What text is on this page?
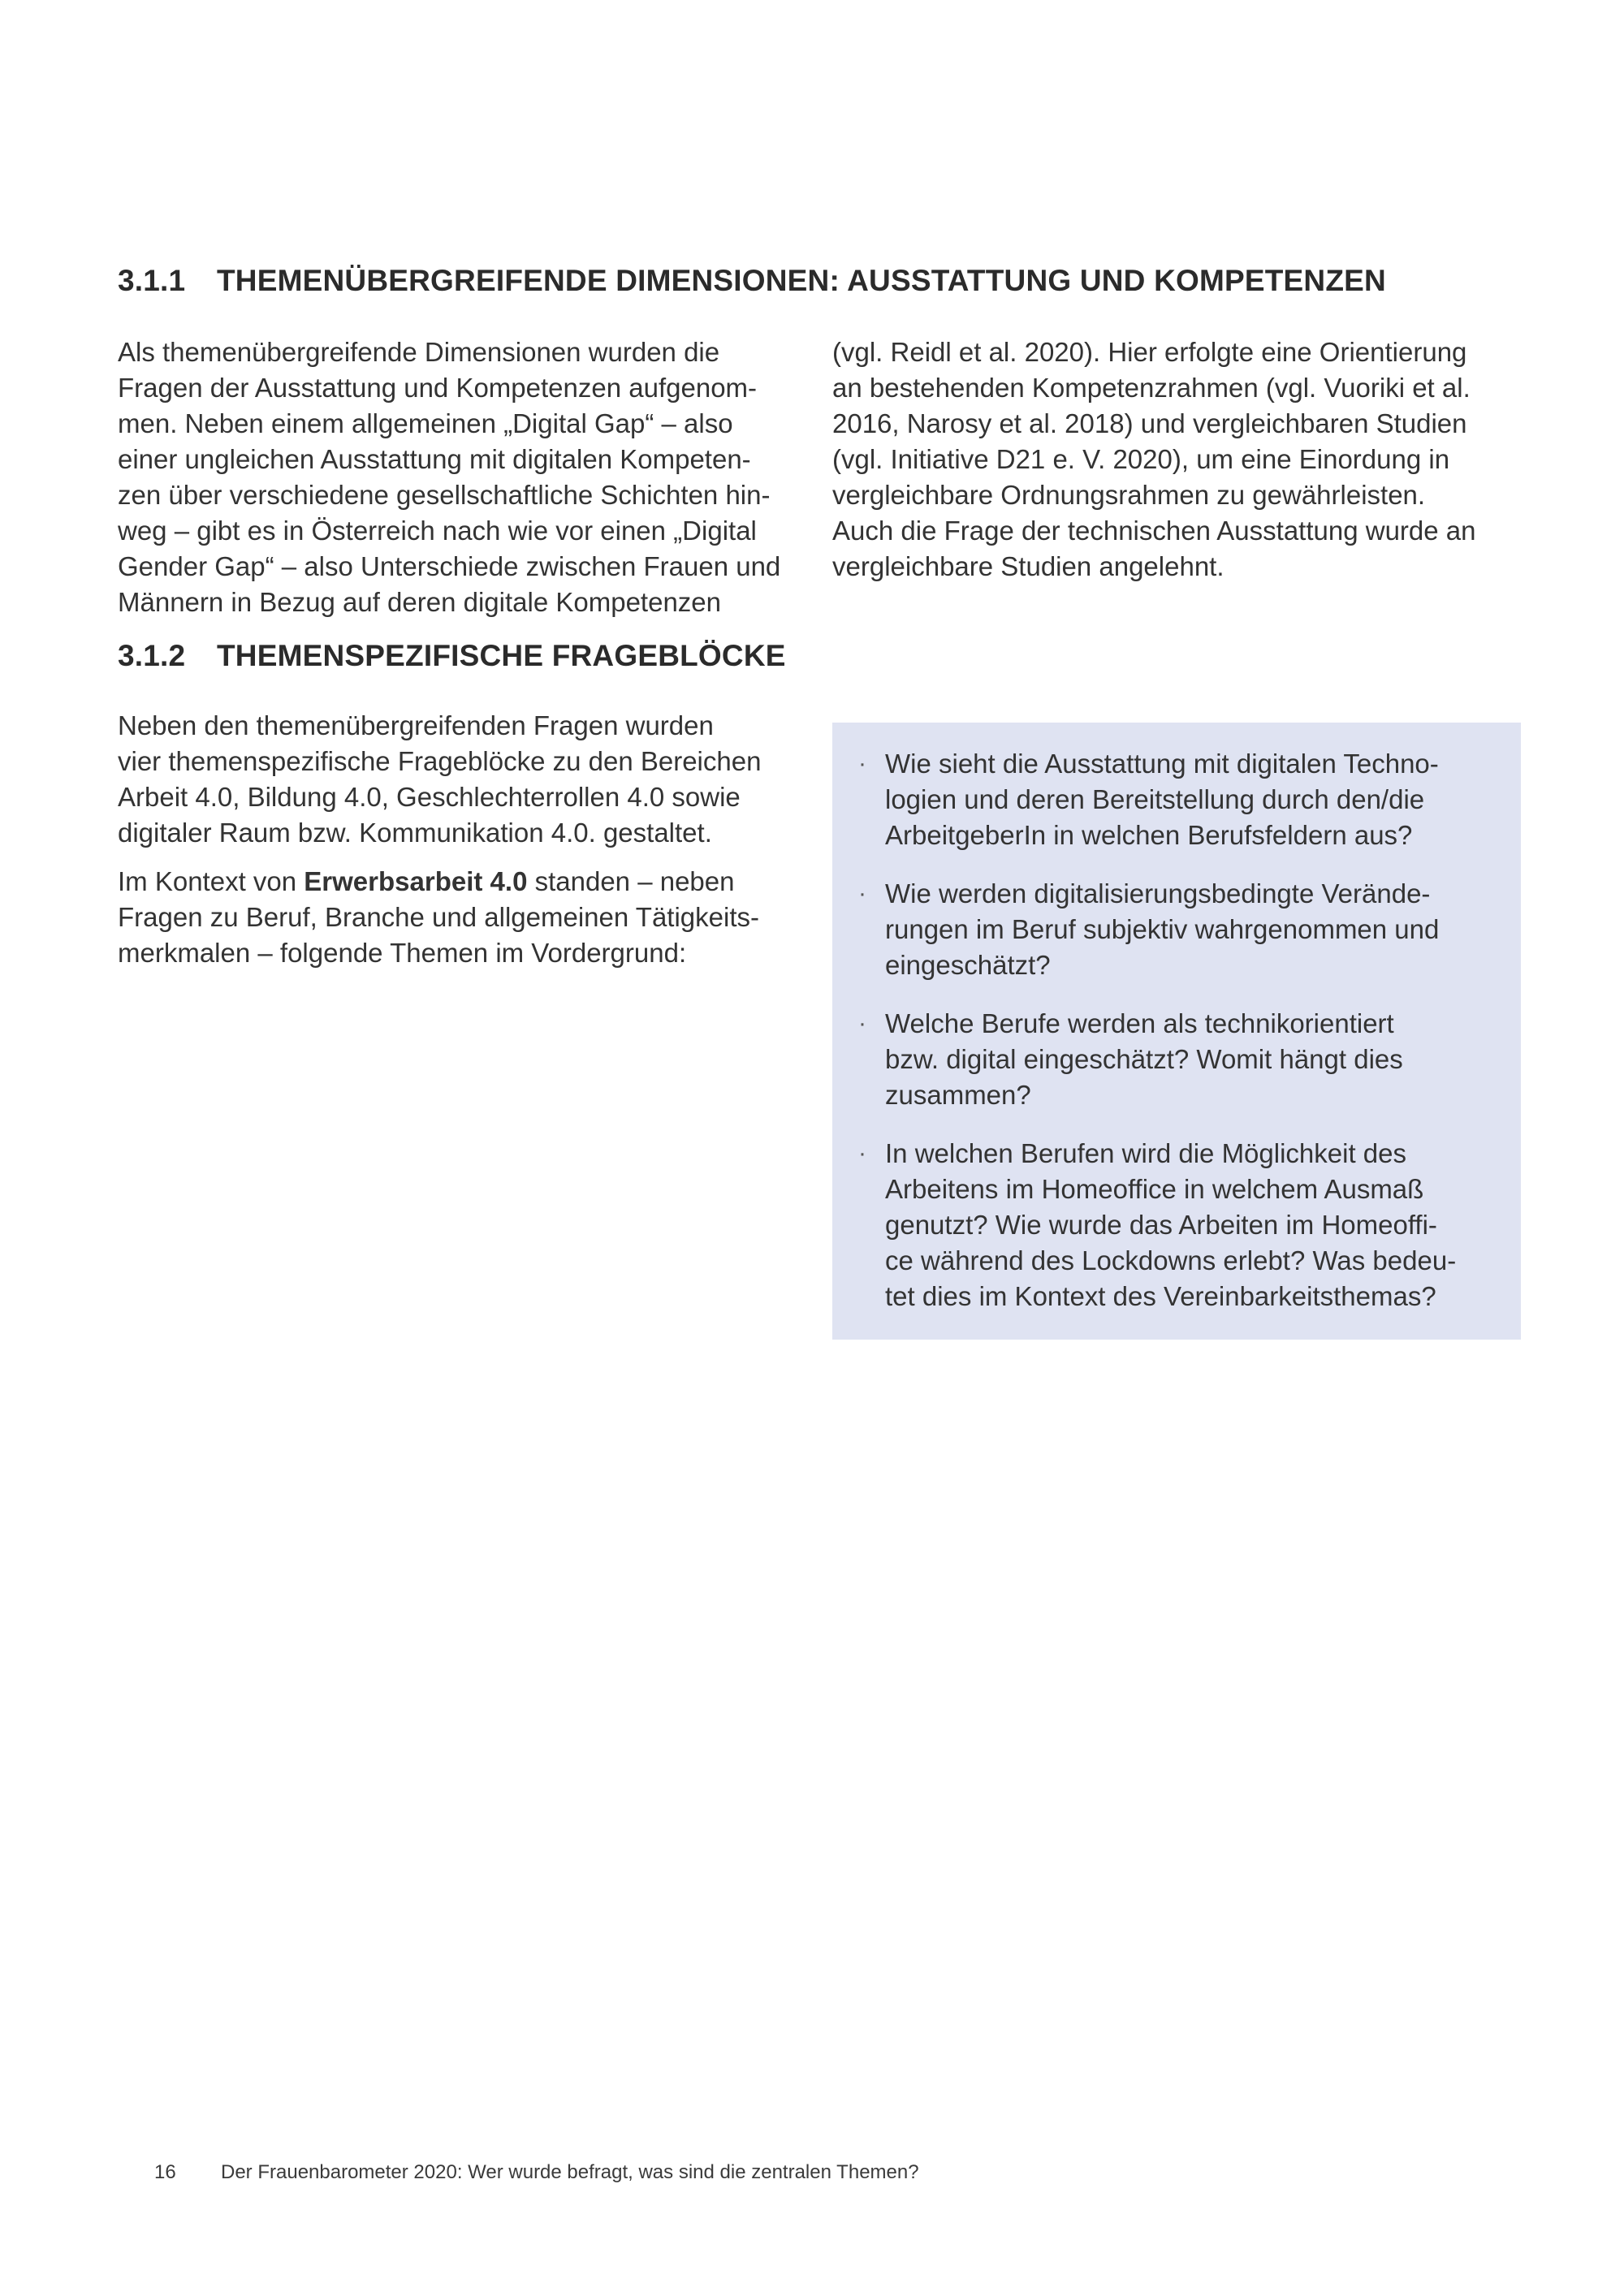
3.1.1 THEMENÜBERGREIFENDE DIMENSIONEN: AUSSTATTUNG UND KOMPETENZEN

Als themenübergreifende Dimensionen wurden die
Fragen der Ausstattung und Kompetenzen aufgenom-
men. Neben einem allgemeinen „Digital Gap“ – also
einer ungleichen Ausstattung mit digitalen Kompeten-
zen über verschiedene gesellschaftliche Schichten hin-
weg – gibt es in Österreich nach wie vor einen „Digital
Gender Gap“ – also Unterschiede zwischen Frauen und
Männern in Bezug auf deren digitale Kompetenzen

(vgl. Reidl et al. 2020). Hier erfolgte eine Orientierung
an bestehenden Kompetenzrahmen (vgl. Vuoriki et al.
2016, Narosy et al. 2018) und vergleichbaren Studien
(vgl. Initiative D21 e. V. 2020), um eine Einordung in
vergleichbare Ordnungsrahmen zu gewährleisten.
Auch die Frage der technischen Ausstattung wurde an
vergleichbare Studien angelehnt.

3.1.2 THEMENSPEZIFISCHE FRAGEBLÖCKE

Neben den themenübergreifenden Fragen wurden
vier themenspezifische Frageblöcke zu den Bereichen
Arbeit 4.0, Bildung 4.0, Geschlechterrollen 4.0 sowie
digitaler Raum bzw. Kommunikation 4.0. gestaltet.

Im Kontext von Erwerbsarbeit 4.0 standen – neben
Fragen zu Beruf, Branche und allgemeinen Tätigkeits-
merkmalen – folgende Themen im Vordergrund:

· Wie sieht die Ausstattung mit digitalen Techno-
logien und deren Bereitstellung durch den/die
ArbeitgeberIn in welchen Berufsfeldern aus?
· Wie werden digitalisierungsbedingte Verände-
rungen im Beruf subjektiv wahrgenommen und
eingeschätzt?
· Welche Berufe werden als technikorientiert
bzw. digital eingeschätzt? Womit hängt dies
zusammen?
· In welchen Berufen wird die Möglichkeit des
Arbeitens im Homeoffice in welchem Ausmaß
genutzt? Wie wurde das Arbeiten im Homeoffi-
ce während des Lockdowns erlebt? Was bedeu-
tet dies im Kontext des Vereinbarkeitsthemas?
16 Der Frauenbarometer 2020: Wer wurde befragt, was sind die zentralen Themen?
